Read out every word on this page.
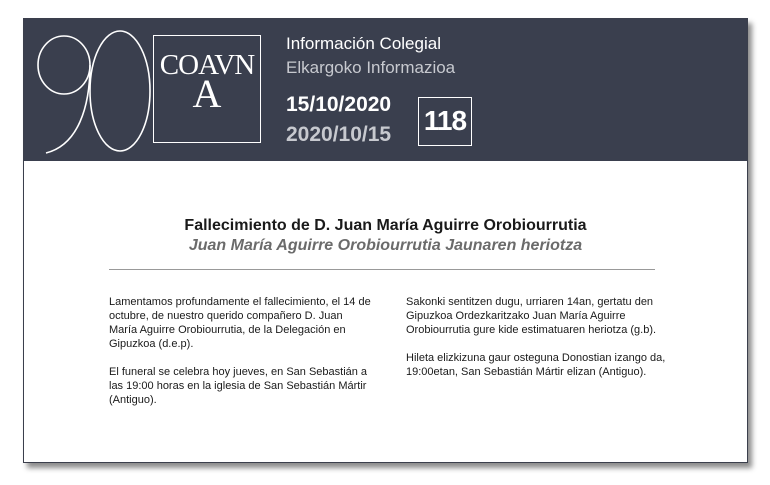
COAVN
A
Información Colegial
Elkargoko Informazioa
15/10/2020
2020/10/15 118
Fallecimiento de D. Juan María Aguirre Orobiourrutia
Juan María Aguirre Orobiourrutia Jaunaren heriotza

Lamentamos profundamente el fallecimiento, el 14 de octubre, de nuestro querido compañero D. Juan María Aguirre Orobiourrutia, de la Delegación en Gipuzkoa (d.e.p).

El funeral se celebra hoy jueves, en San Sebastián a las 19:00 horas en la iglesia de San Sebastián Mártir (Antiguo).

Sakonki sentitzen dugu, urriaren 14an, gertatu den Gipuzkoa Ordezkaritzako Juan María Aguirre Orobiourrutia gure kide estimatuaren heriotza (g.b).

Hileta elizkizuna gaur osteguna Donostian izango da, 19:00etan, San Sebastián Mártir elizan (Antiguo).
